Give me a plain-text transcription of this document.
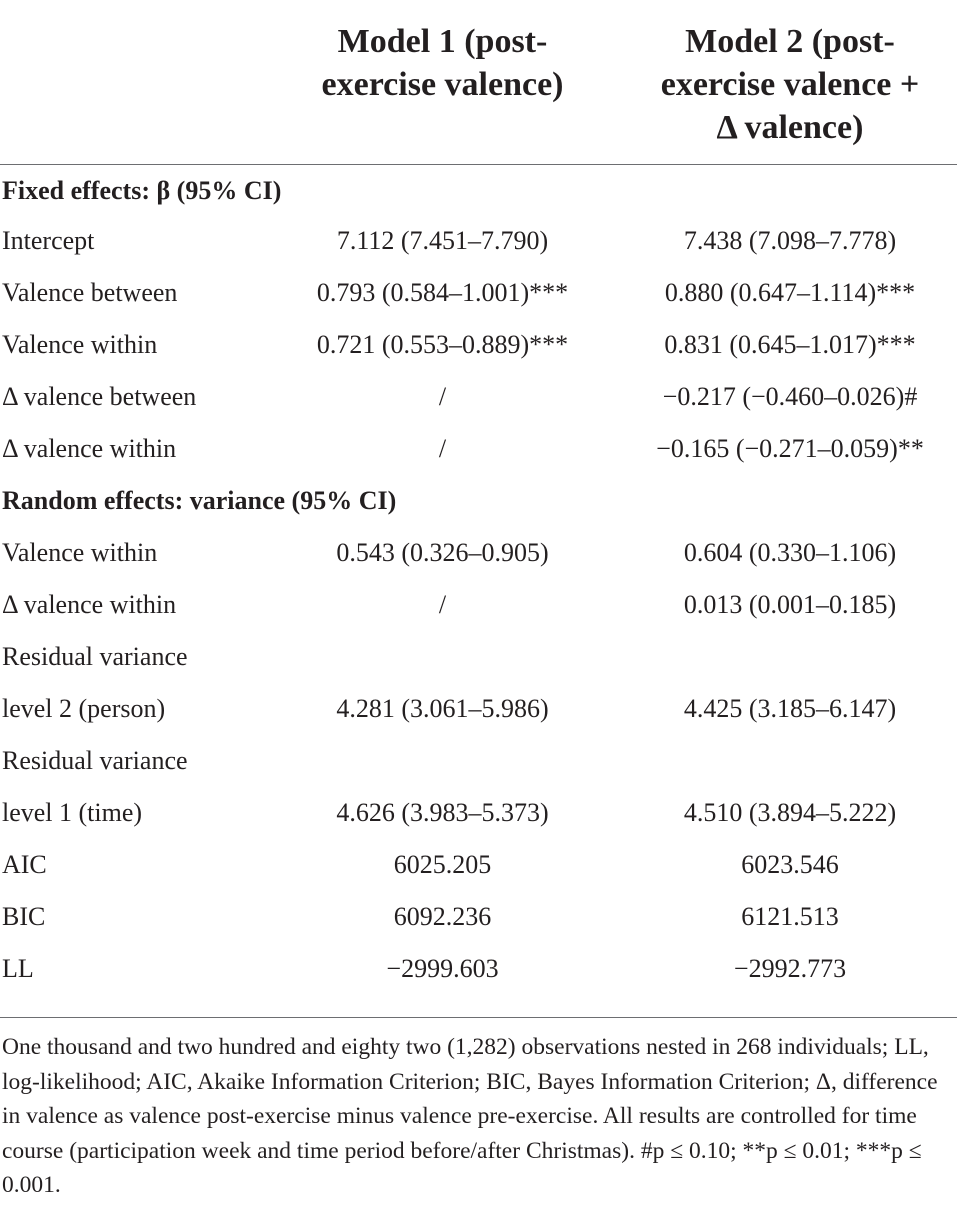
Model 1 (post-
exercise valence)
Model 2 (post-
exercise valence +
Δ valence)
Fixed effects: β (95% CI)
Intercept	7.112 (7.451–7.790)	7.438 (7.098–7.778)
Valence between	0.793 (0.584–1.001)***	0.880 (0.647–1.114)***
Valence within	0.721 (0.553–0.889)***	0.831 (0.645–1.017)***
Δ valence between	/	−0.217 (−0.460–0.026)#
Δ valence within	/	−0.165 (−0.271–0.059)**
Random effects: variance (95% CI)
Valence within	0.543 (0.326–0.905)	0.604 (0.330–1.106)
Δ valence within	/	0.013 (0.001–0.185)
Residual variance
level 2 (person)	4.281 (3.061–5.986)	4.425 (3.185–6.147)
Residual variance
level 1 (time)	4.626 (3.983–5.373)	4.510 (3.894–5.222)
AIC	6025.205	6023.546
BIC	6092.236	6121.513
LL	−2999.603	−2992.773
One thousand and two hundred and eighty two (1,282) observations nested in 268 individuals; LL, log-likelihood; AIC, Akaike Information Criterion; BIC, Bayes Information Criterion; Δ, difference in valence as valence post-exercise minus valence pre-exercise. All results are controlled for time course (participation week and time period before/after Christmas). #p ≤ 0.10; **p ≤ 0.01; ***p ≤ 0.001.
